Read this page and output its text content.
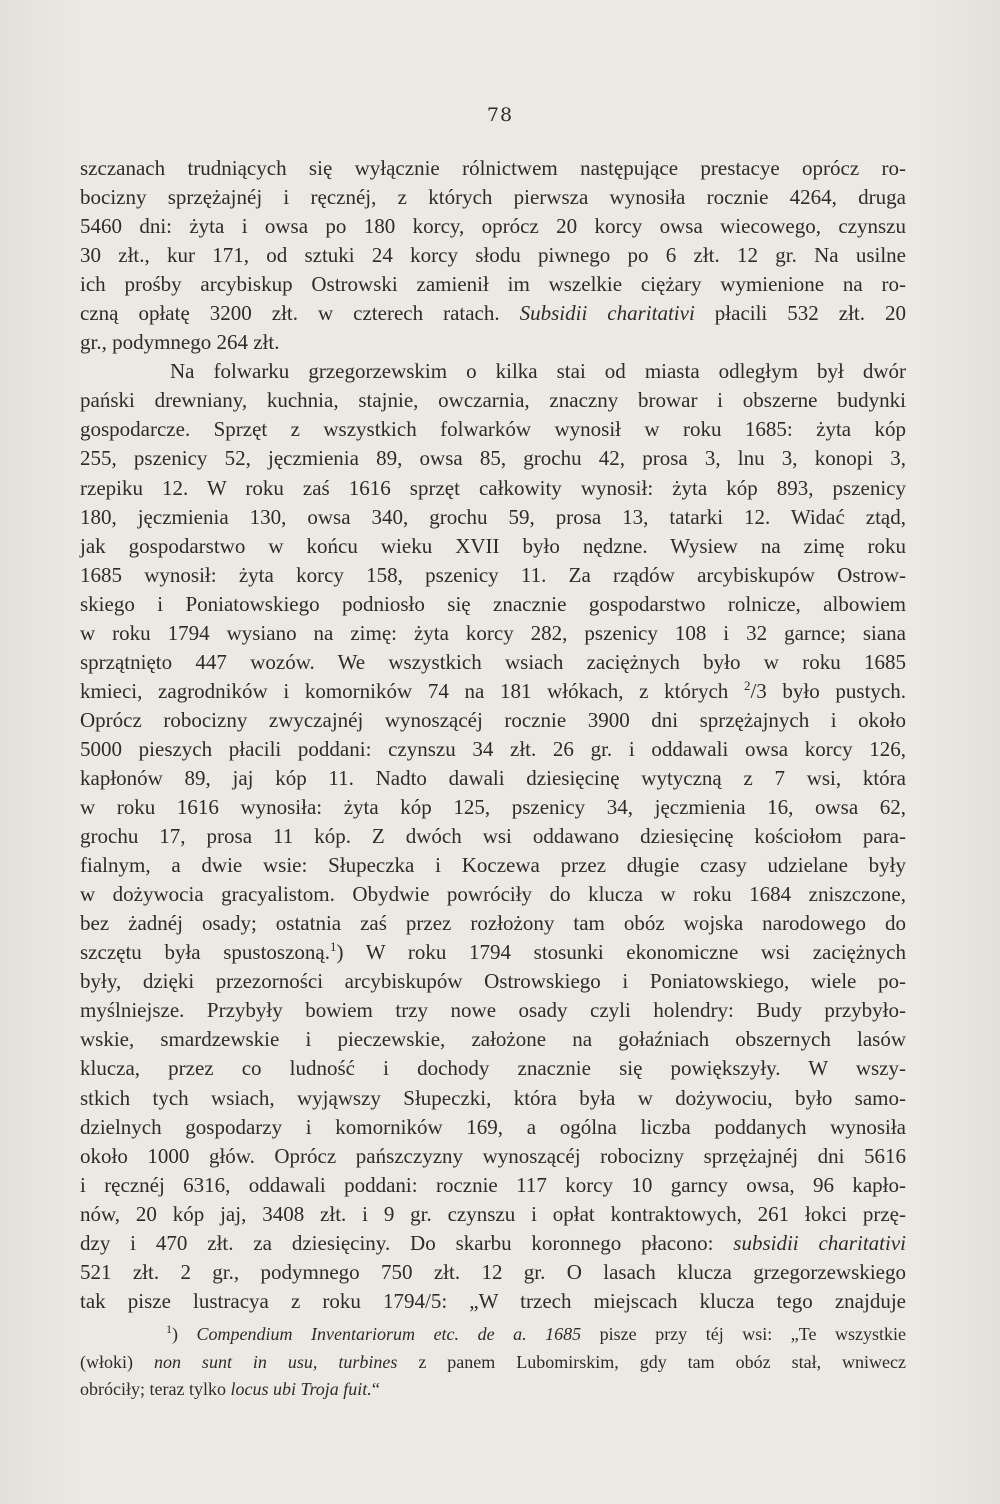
78
szczanach trudniących się wyłącznie rólnictwem następujące prestacye oprócz ro-
bocizny sprzężajnéj i ręcznéj, z których pierwsza wynosiła rocznie 4264, druga
5460 dni: żyta i owsa po 180 korcy, oprócz 20 korcy owsa wiecowego, czynszu
30 złt., kur 171, od sztuki 24 korcy słodu piwnego po 6 złt. 12 gr. Na usilne
ich prośby arcybiskup Ostrowski zamienił im wszelkie ciężary wymienione na ro-
czną opłatę 3200 złt. w czterech ratach. Subsidii charitativi płacili 532 złt. 20
gr., podymnego 264 złt.
Na folwarku grzegorzewskim o kilka stai od miasta odległym był dwór
pański drewniany, kuchnia, stajnie, owczarnia, znaczny browar i obszerne budynki
gospodarcze. Sprzęt z wszystkich folwarków wynosił w roku 1685: żyta kóp
255, pszenicy 52, jęczmienia 89, owsa 85, grochu 42, prosa 3, lnu 3, konopi 3,
rzepiku 12. W roku zaś 1616 sprzęt całkowity wynosił: żyta kóp 893, pszenicy
180, jęczmienia 130, owsa 340, grochu 59, prosa 13, tatarki 12. Widać ztąd,
jak gospodarstwo w końcu wieku XVII było nędzne. Wysiew na zimę roku
1685 wynosił: żyta korcy 158, pszenicy 11. Za rządów arcybiskupów Ostrow-
skiego i Poniatowskiego podniosło się znacznie gospodarstwo rolnicze, albowiem
w roku 1794 wysiano na zimę: żyta korcy 282, pszenicy 108 i 32 garnce; siana
sprzątnięto 447 wozów. We wszystkich wsiach zaciężnych było w roku 1685
kmieci, zagrodników i komorników 74 na 181 włókach, z których $^2$/3 było pustych.
Oprócz robocizny zwyczajnéj wynoszącéj rocznie 3900 dni sprzężajnych i około
5000 pieszych płacili poddani: czynszu 34 złt. 26 gr. i oddawali owsa korcy 126,
kapłonów 89, jaj kóp 11. Nadto dawali dziesięcinę wytyczną z 7 wsi, która
w roku 1616 wynosiła: żyta kóp 125, pszenicy 34, jęczmienia 16, owsa 62,
grochu 17, prosa 11 kóp. Z dwóch wsi oddawano dziesięcinę kościołom para-
fialnym, a dwie wsie: Słupeczka i Koczewa przez długie czasy udzielane były
w dożywocia gracyalistom. Obydwie powróciły do klucza w roku 1684 zniszczone,
bez żadnéj osady; ostatnia zaś przez rozłożony tam obóz wojska narodowego do
szczętu była spustoszoną.$^1$) W roku 1794 stosunki ekonomiczne wsi zaciężnych
były, dzięki przezorności arcybiskupów Ostrowskiego i Poniatowskiego, wiele po-
myślniejsze. Przybyły bowiem trzy nowe osady czyli holendry: Budy przybyło-
wskie, smardzewskie i pieczewskie, założone na gołaźniach obszernych lasów
klucza, przez co ludność i dochody znacznie się powiększyły. W wszy-
stkich tych wsiach, wyjąwszy Słupeczki, która była w dożywociu, było samo-
dzielnych gospodarzy i komorników 169, a ogólna liczba poddanych wynosiła
około 1000 głów. Oprócz pańszczyzny wynoszącéj robocizny sprzężajnéj dni 5616
i ręcznéj 6316, oddawali poddani: rocznie 117 korcy 10 garncy owsa, 96 kapło-
nów, 20 kóp jaj, 3408 złt. i 9 gr. czynszu i opłat kontraktowych, 261 łokci przę-
dzy i 470 złt. za dziesięciny. Do skarbu koronnego płacono: subsidii charitativi
521 złt. 2 gr., podymnego 750 złt. 12 gr. O lasach klucza grzegorzewskiego
tak pisze lustracya z roku 1794/5: „W trzech miejscach klucza tego znajduje
$^1$) Compendium Inventariorum etc. de a. 1685 pisze przy téj wsi: „Te wszystkie
(włoki) non sunt in usu, turbines z panem Lubomirskim, gdy tam obóz stał, wniwecz
obróciły; teraz tylko locus ubi Troja fuit.“
